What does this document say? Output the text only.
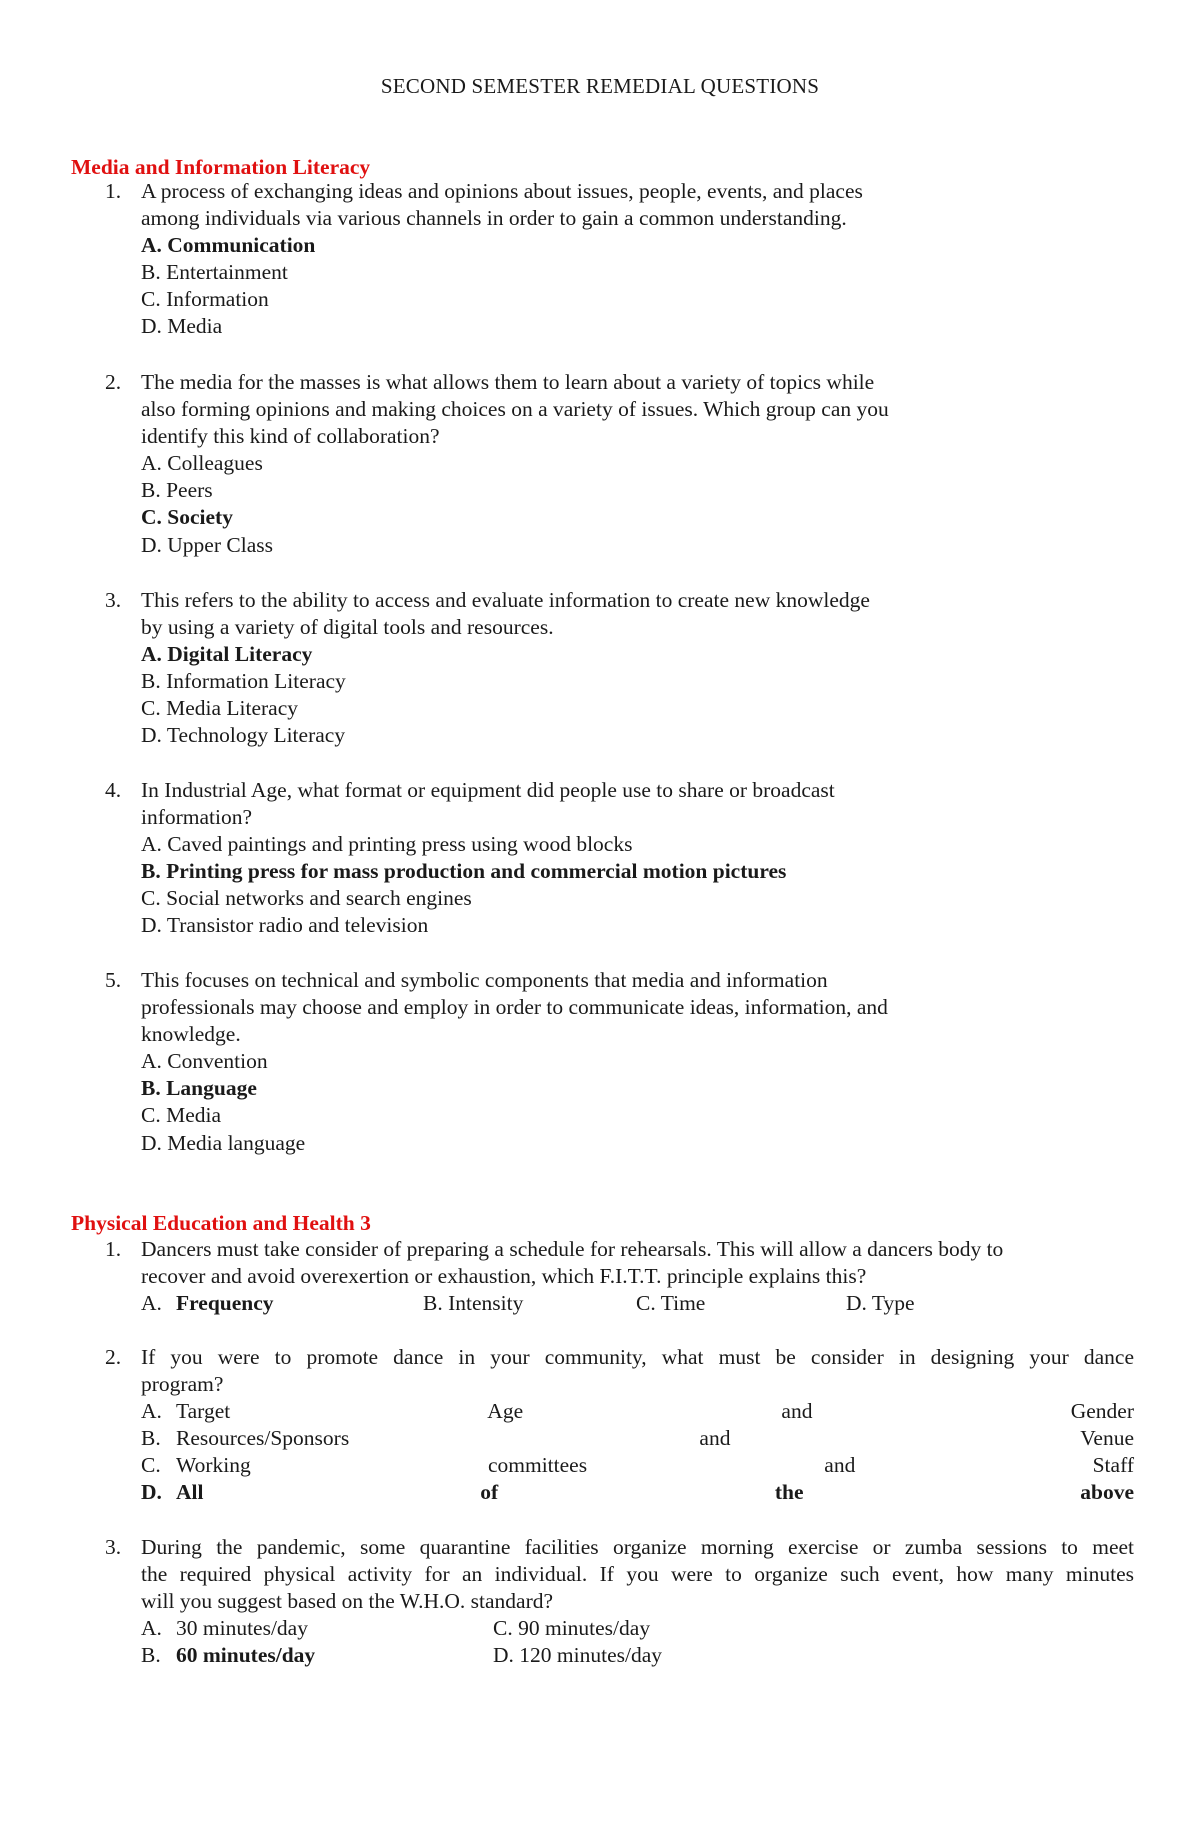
SECOND SEMESTER REMEDIAL QUESTIONS
Media and Information Literacy
1. A process of exchanging ideas and opinions about issues, people, events, and places
among individuals via various channels in order to gain a common understanding.
A. Communication
B. Entertainment
C. Information
D. Media
2. The media for the masses is what allows them to learn about a variety of topics while
also forming opinions and making choices on a variety of issues. Which group can you
identify this kind of collaboration?
A. Colleagues
B. Peers
C. Society
D. Upper Class
3. This refers to the ability to access and evaluate information to create new knowledge
by using a variety of digital tools and resources.
A. Digital Literacy
B. Information Literacy
C. Media Literacy
D. Technology Literacy
4. In Industrial Age, what format or equipment did people use to share or broadcast
information?
A. Caved paintings and printing press using wood blocks
B. Printing press for mass production and commercial motion pictures
C. Social networks and search engines
D. Transistor radio and television
5. This focuses on technical and symbolic components that media and information
professionals may choose and employ in order to communicate ideas, information, and
knowledge.
A. Convention
B. Language
C. Media
D. Media language
Physical Education and Health 3
1. Dancers must take consider of preparing a schedule for rehearsals. This will allow a dancers body to
recover and avoid overexertion or exhaustion, which F.I.T.T. principle explains this?
A. Frequency	B. Intensity	C. Time	D. Type
2. If you were to promote dance in your community, what must be consider in designing your dance
program?
A. Target Age and Gender
B. Resources/Sponsors and Venue
C. Working committees and Staff
D. All of the above
3. During the pandemic, some quarantine facilities organize morning exercise or zumba sessions to meet
the required physical activity for an individual. If you were to organize such event, how many minutes
will you suggest based on the W.H.O. standard?
A. 30 minutes/day	C. 90 minutes/day
B. 60 minutes/day	D. 120 minutes/day
